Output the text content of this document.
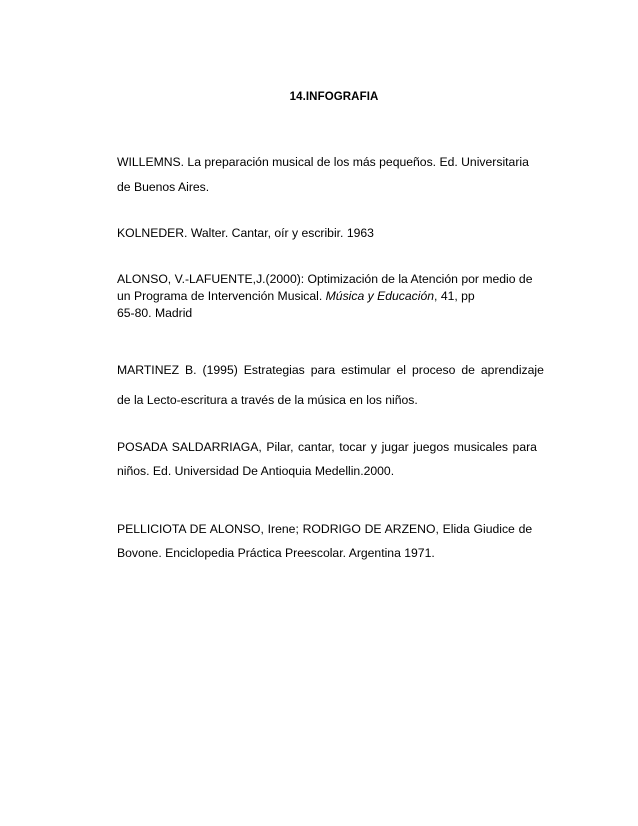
14.INFOGRAFIA
WILLEMNS. La preparación musical de los más pequeños. Ed. Universitaria
de Buenos Aires.
KOLNEDER. Walter. Cantar, oír y escribir. 1963
ALONSO, V.-LAFUENTE,J.(2000): Optimización de la Atención por medio de
un Programa de Intervención Musical. Música y Educación, 41, pp
65-80. Madrid
MARTINEZ B. (1995) Estrategias para estimular el proceso de aprendizaje
de la Lecto-escritura a través de la música en los niños.
POSADA SALDARRIAGA, Pilar, cantar, tocar y jugar juegos musicales para
niños. Ed. Universidad De Antioquia Medellin.2000.
PELLICIOTA DE ALONSO, Irene; RODRIGO DE ARZENO, Elida Giudice de
Bovone. Enciclopedia Práctica Preescolar. Argentina 1971.
